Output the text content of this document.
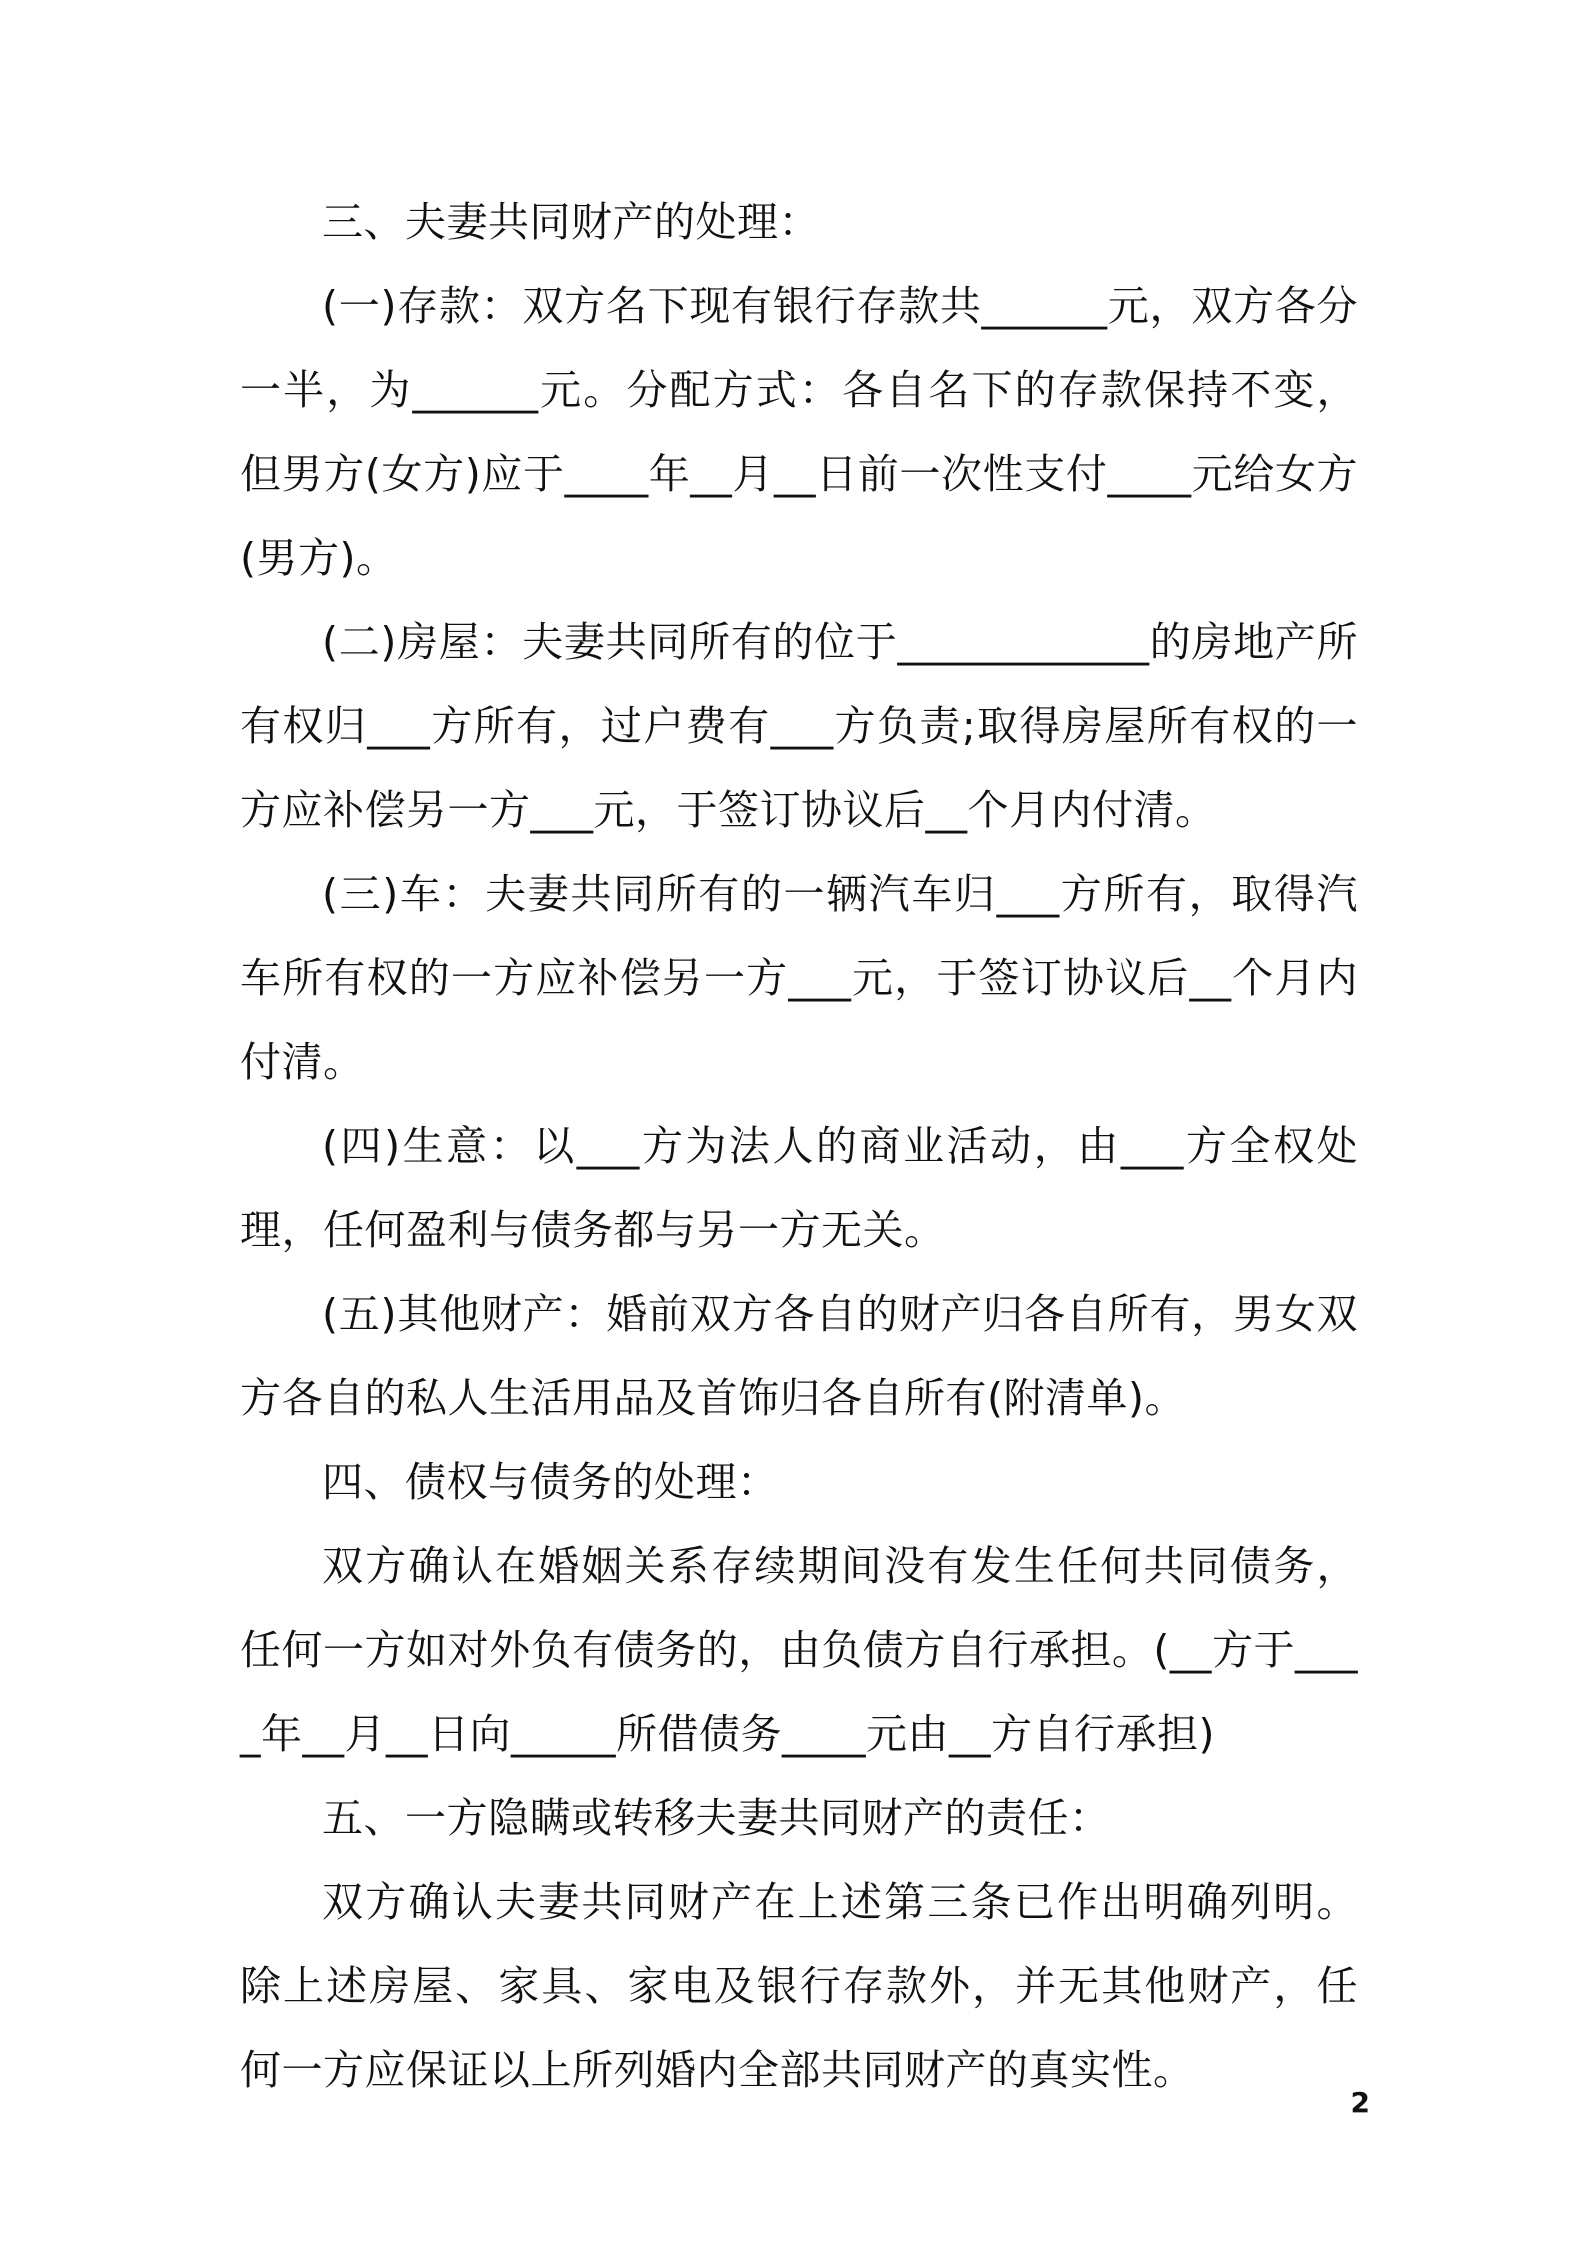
三、夫妻共同财产的处理：

(一)存款：双方名下现有银行存款共______元，双方各分一半，为______元。分配方式：各自名下的存款保持不变，但男方(女方)应于____年__月__日前一次性支付____元给女方(男方)。

(二)房屋：夫妻共同所有的位于____________的房地产所有权归___方所有，过户费有___方负责;取得房屋所有权的一方应补偿另一方___元，于签订协议后__个月内付清。

(三)车：夫妻共同所有的一辆汽车归___方所有，取得汽车所有权的一方应补偿另一方___元，于签订协议后__个月内付清。

(四)生意：以___方为法人的商业活动，由___方全权处理，任何盈利与债务都与另一方无关。

(五)其他财产：婚前双方各自的财产归各自所有，男女双方各自的私人生活用品及首饰归各自所有(附清单)。

四、债权与债务的处理：

双方确认在婚姻关系存续期间没有发生任何共同债务，任何一方如对外负有债务的，由负债方自行承担。(__方于____年__月__日向_____所借债务____元由__方自行承担)

五、一方隐瞒或转移夫妻共同财产的责任：

双方确认夫妻共同财产在上述第三条已作出明确列明。除上述房屋、家具、家电及银行存款外，并无其他财产，任何一方应保证以上所列婚内全部共同财产的真实性。

2
